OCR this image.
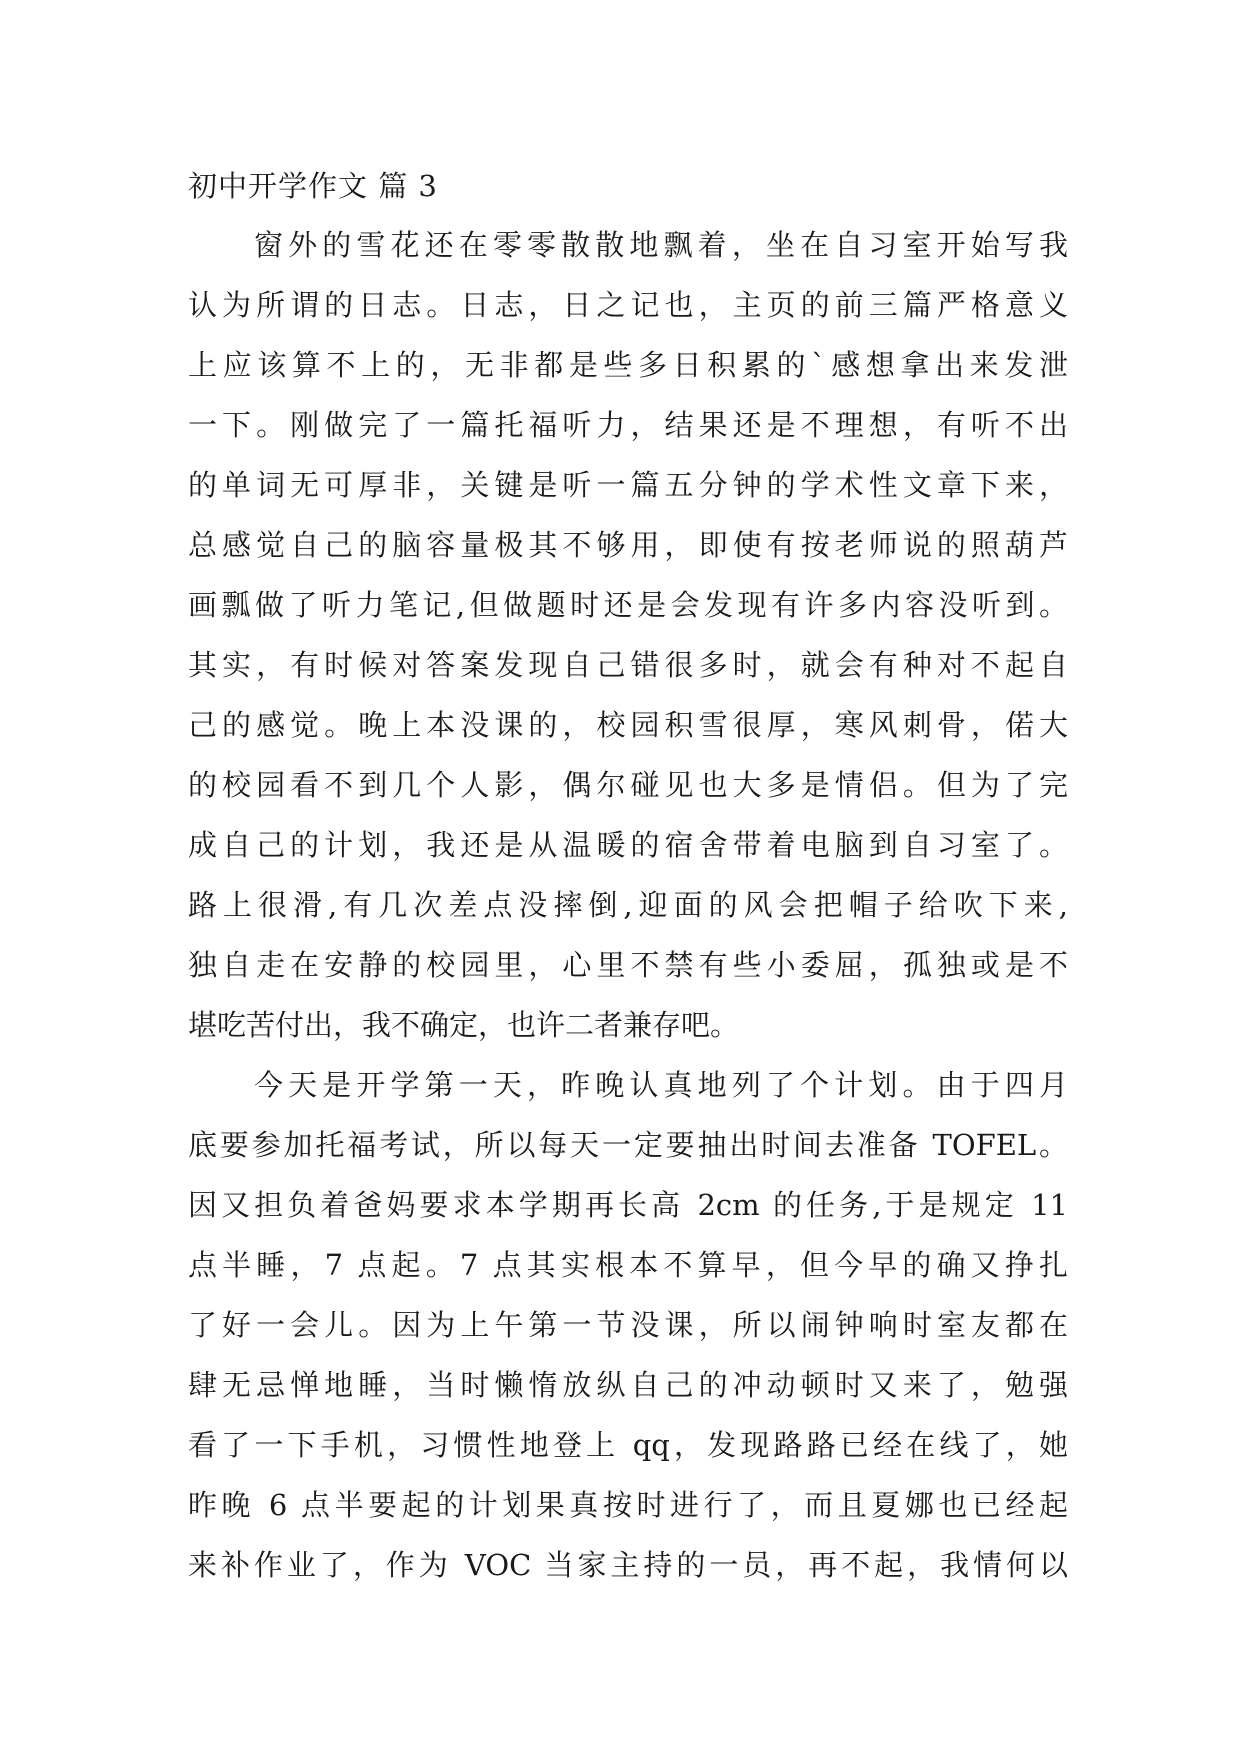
初中开学作文 篇 3
窗外的雪花还在零零散散地飘着，坐在自习室开始写我
认为所谓的日志。日志，日之记也，主页的前三篇严格意义
上应该算不上的，无非都是些多日积累的`感想拿出来发泄
一下。刚做完了一篇托福听力，结果还是不理想，有听不出
的单词无可厚非，关键是听一篇五分钟的学术性文章下来，
总感觉自己的脑容量极其不够用，即使有按老师说的照葫芦
画瓢做了听力笔记,但做题时还是会发现有许多内容没听到。
其实，有时候对答案发现自己错很多时，就会有种对不起自
己的感觉。晚上本没课的，校园积雪很厚，寒风刺骨，偌大
的校园看不到几个人影，偶尔碰见也大多是情侣。但为了完
成自己的计划，我还是从温暖的宿舍带着电脑到自习室了。
路上很滑,有几次差点没摔倒,迎面的风会把帽子给吹下来,
独自走在安静的校园里，心里不禁有些小委屈，孤独或是不
堪吃苦付出，我不确定，也许二者兼存吧。
今天是开学第一天，昨晚认真地列了个计划。由于四月
底要参加托福考试，所以每天一定要抽出时间去准备 TOFEL。
因又担负着爸妈要求本学期再长高 2cm 的任务,于是规定 11
点半睡，7 点起。7 点其实根本不算早，但今早的确又挣扎
了好一会儿。因为上午第一节没课，所以闹钟响时室友都在
肆无忌惮地睡，当时懒惰放纵自己的冲动顿时又来了，勉强
看了一下手机，习惯性地登上 qq，发现路路已经在线了，她
昨晚 6 点半要起的计划果真按时进行了，而且夏娜也已经起
来补作业了，作为 VOC 当家主持的一员，再不起，我情何以
